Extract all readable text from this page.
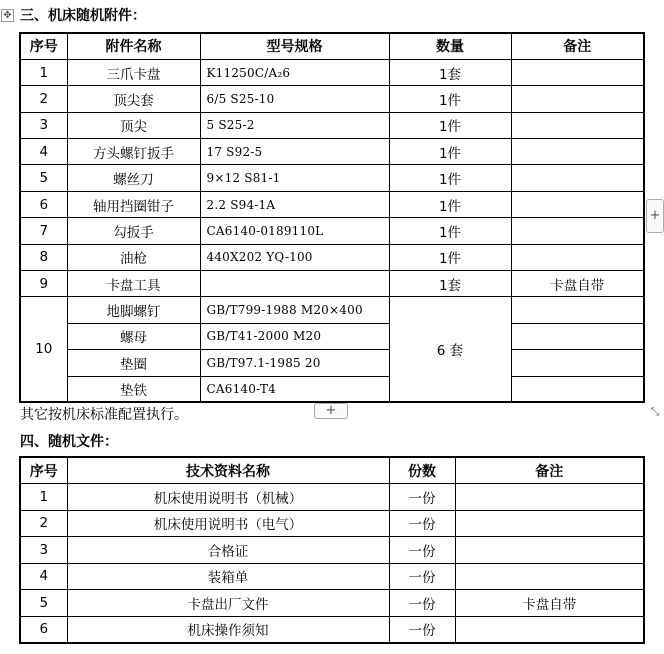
✥ 三、机床随机附件：
序号	附件名称	型号规格	数量	备注
1	三爪卡盘	K11250C/A₂6	1套	
2	顶尖套	6/5 S25-10	1件	
3	顶尖	5 S25-2	1件	
4	方头螺钉扳手	17 S92-5	1件	
5	螺丝刀	9×12 S81-1	1件	
6	轴用挡圈钳子	2.2 S94-1A	1件	
7	勾扳手	CA6140-0189110L	1件	
8	油枪	440X202 YQ-100	1件	
9	卡盘工具		1套	卡盘自带
10	地脚螺钉	GB/T799-1988 M20×400	6 套	
	螺母	GB/T41-2000 M20		
	垫圈	GB/T97.1-1985 20		
	垫铁	CA6140-T4		
+
其它按机床标准配置执行。	+	⤡
四、随机文件：
序号	技术资料名称	份数	备注
1	机床使用说明书（机械）	一份	
2	机床使用说明书（电气）	一份	
3	合格证	一份	
4	装箱单	一份	
5	卡盘出厂文件	一份	卡盘自带
6	机床操作须知	一份	
